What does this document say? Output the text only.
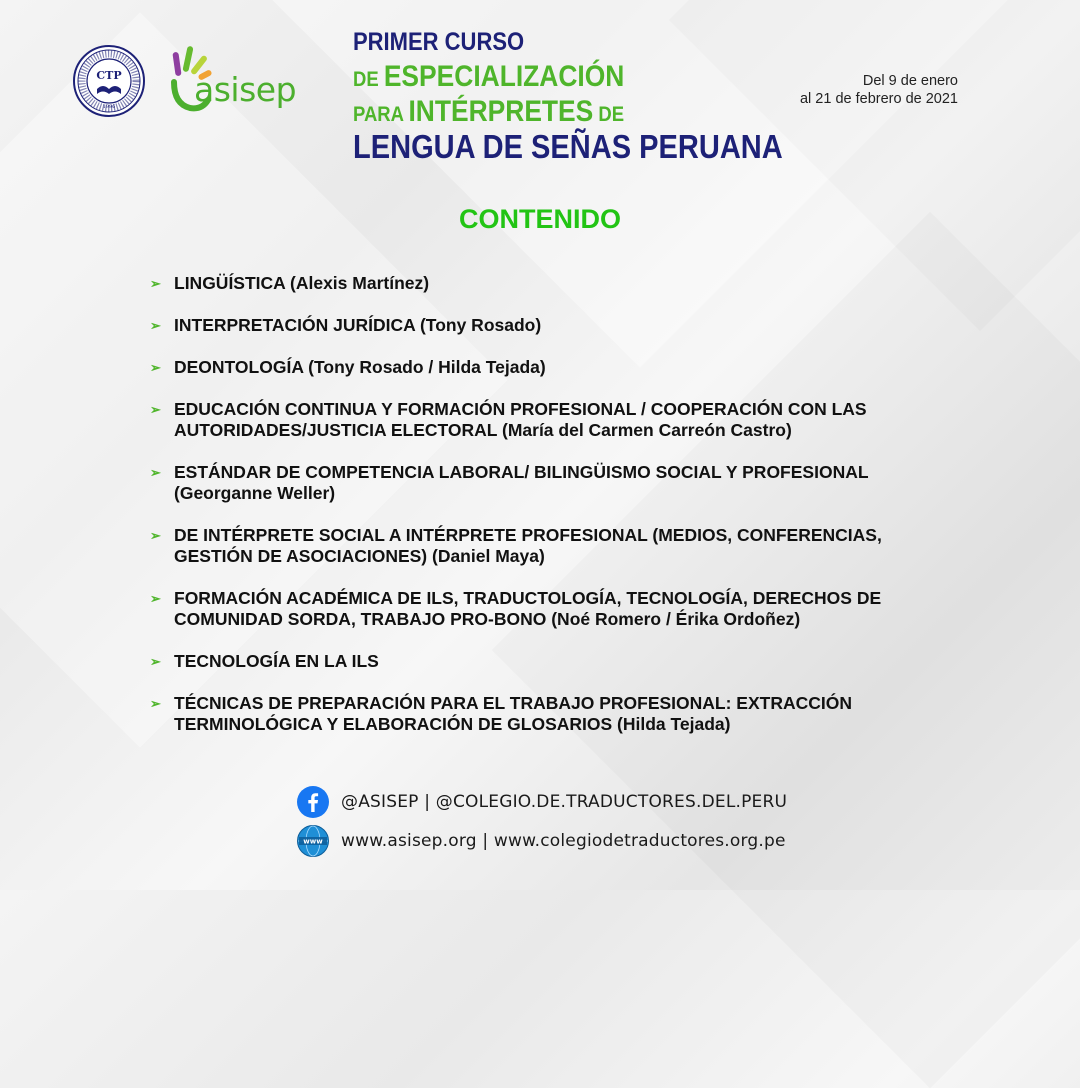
CTP
1996 asisep
PRIMER CURSO
DE ESPECIALIZACIÓN
PARA INTÉRPRETES DE
LENGUA DE SEÑAS PERUANA
Del 9 de enero
al 21 de febrero de 2021
CONTENIDO
➢ LINGÜÍSTICA (Alexis Martínez)
➢ INTERPRETACIÓN JURÍDICA (Tony Rosado)
➢ DEONTOLOGÍA (Tony Rosado / Hilda Tejada)
➢ EDUCACIÓN CONTINUA Y FORMACIÓN PROFESIONAL / COOPERACIÓN CON LAS AUTORIDADES/JUSTICIA ELECTORAL (María del Carmen Carreón Castro)
➢ ESTÁNDAR DE COMPETENCIA LABORAL/ BILINGÜISMO SOCIAL Y PROFESIONAL (Georganne Weller)
➢ DE INTÉRPRETE SOCIAL A INTÉRPRETE PROFESIONAL (MEDIOS, CONFERENCIAS, GESTIÓN DE ASOCIACIONES) (Daniel Maya)
➢ FORMACIÓN ACADÉMICA DE ILS, TRADUCTOLOGÍA, TECNOLOGÍA, DERECHOS DE COMUNIDAD SORDA, TRABAJO PRO-BONO (Noé Romero / Érika Ordoñez)
➢ TECNOLOGÍA EN LA ILS
➢ TÉCNICAS DE PREPARACIÓN PARA EL TRABAJO PROFESIONAL: EXTRACCIÓN TERMINOLÓGICA Y ELABORACIÓN DE GLOSARIOS (Hilda Tejada)
@ASISEP | @COLEGIO.DE.TRADUCTORES.DEL.PERU
www www.asisep.org | www.colegiodetraductores.org.pe
